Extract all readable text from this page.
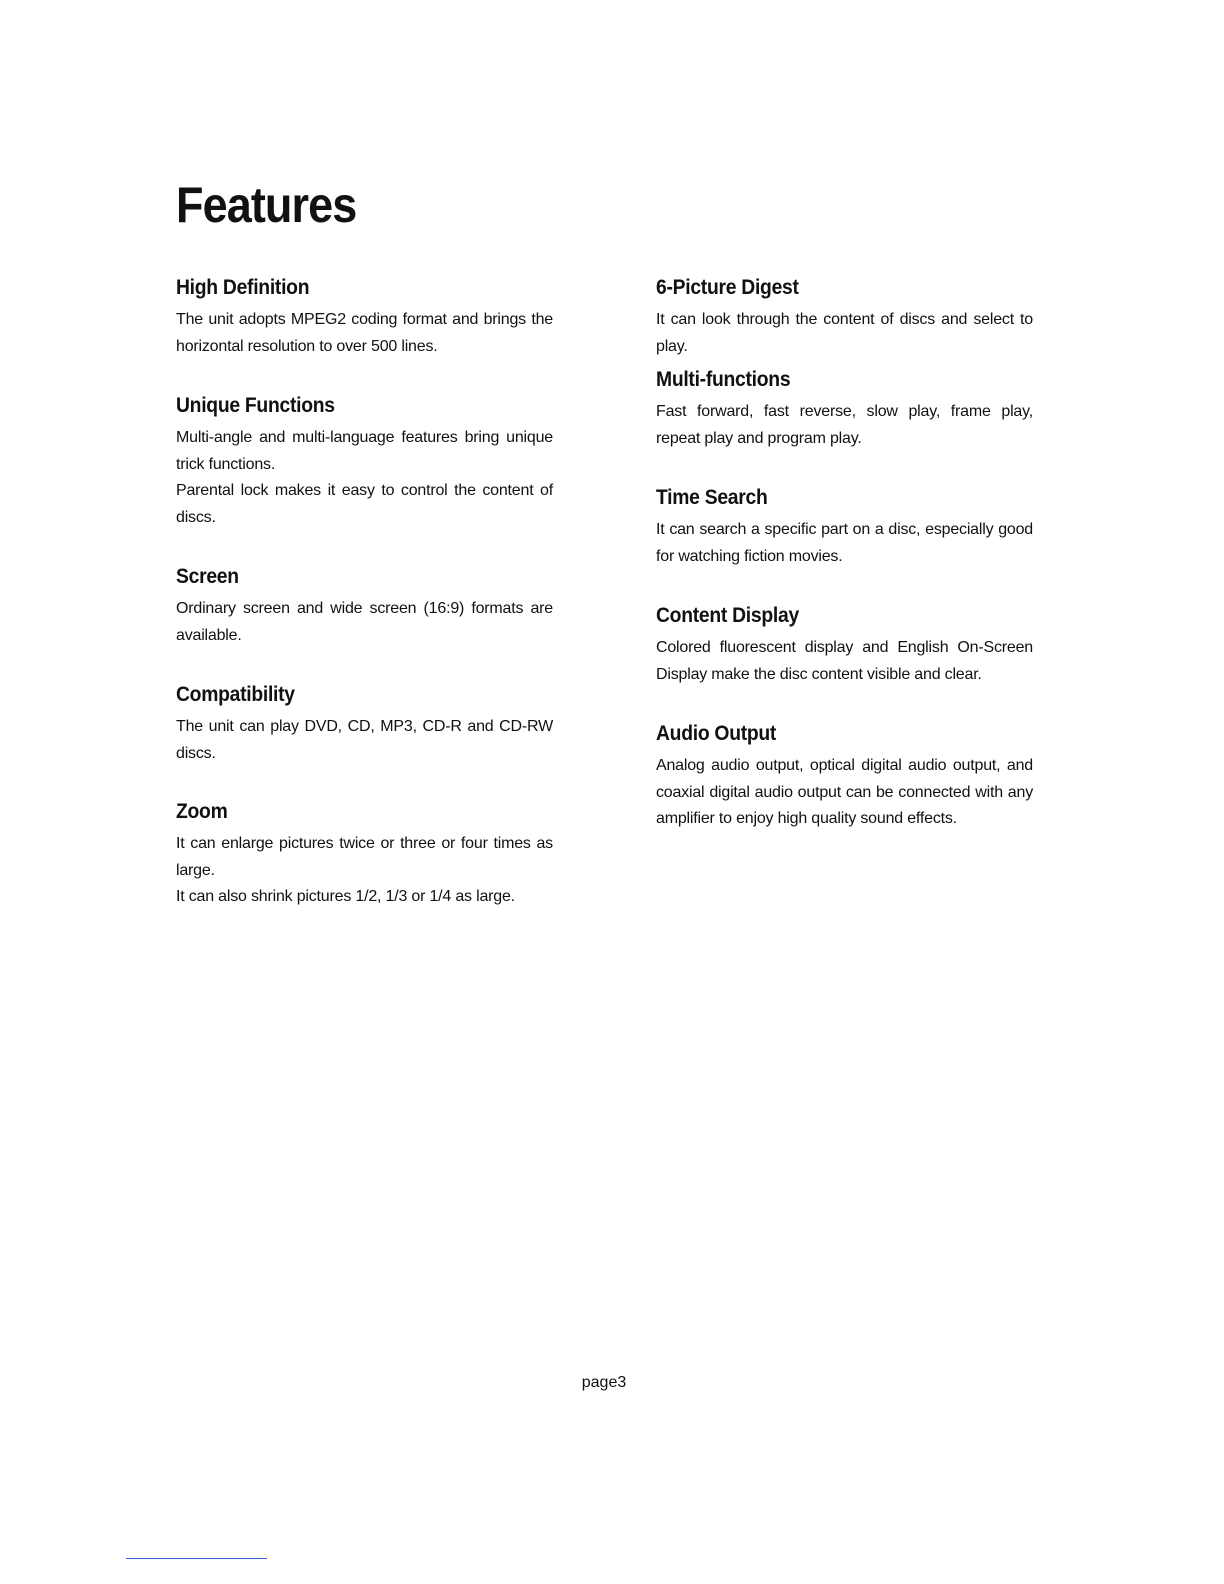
Features
High Definition

The unit adopts MPEG2 coding format and brings the horizontal resolution to over 500 lines.

Unique Functions

Multi-angle and multi-language features bring unique trick functions.

Parental lock makes it easy to control the content of discs.

Screen

Ordinary screen and wide screen (16:9) formats are available.

Compatibility

The unit can play DVD, CD, MP3, CD-R and CD-RW discs.

Zoom

It can enlarge pictures twice or three or four times as large.

It can also shrink pictures 1/2, 1/3 or 1/4 as large.

6-Picture Digest

It can look through the content of discs and select to play.

Multi-functions

Fast forward, fast reverse, slow play, frame play, repeat play and program play.

Time Search

It can search a specific part on a disc, especially good for watching fiction movies.

Content Display

Colored fluorescent display and English On-Screen Display make the disc content visible and clear.

Audio Output

Analog audio output, optical digital audio output, and coaxial digital audio output can be connected with any amplifier to enjoy high quality sound effects.

page3
